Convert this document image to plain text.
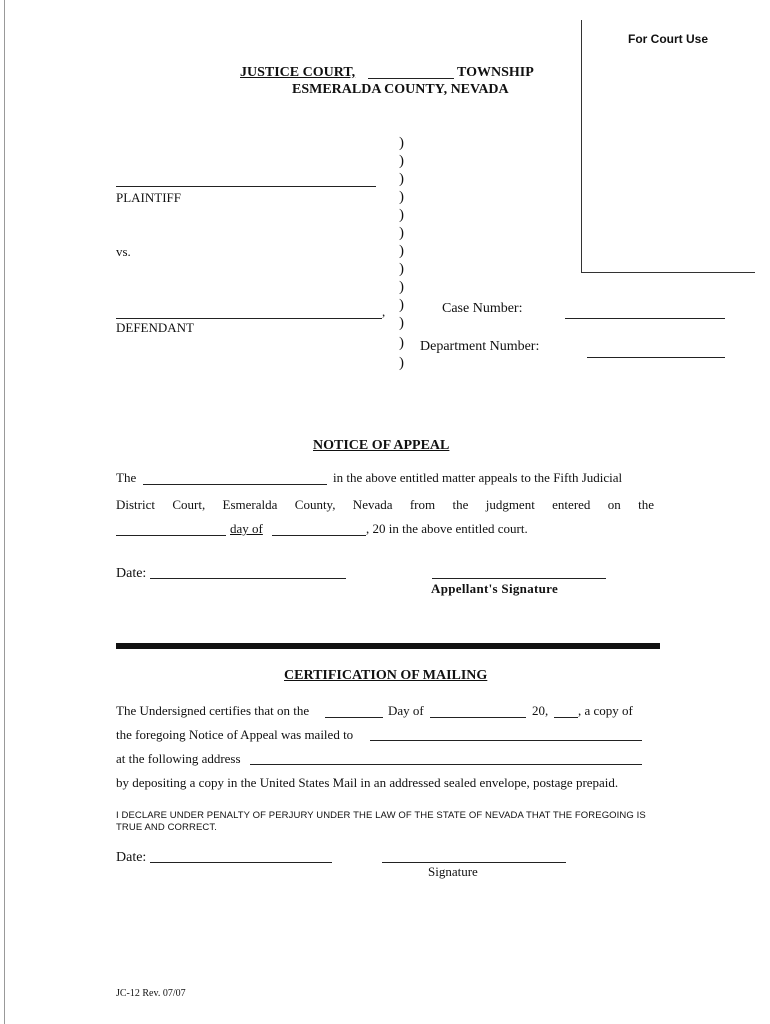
For Court Use
JUSTICE COURT,	TOWNSHIP
ESMERALDA COUNTY, NEVADA
)
)
)
)
)
)
)
)
)
)
)
)
)
PLAINTIFF
vs.
,
DEFENDANT
Case Number:
Department Number:
NOTICE OF APPEAL
The	in the above entitled matter appeals to the Fifth Judicial
District Court, Esmeralda County, Nevada from the judgment entered on the
day of	, 20 in the above entitled court.
Date:
Appellant's Signature
CERTIFICATION OF MAILING
The Undersigned certifies that on the	Day of	20, , a copy of
the foregoing Notice of Appeal was mailed to
at the following address
by depositing a copy in the United States Mail in an addressed sealed envelope, postage prepaid.
I DECLARE UNDER PENALTY OF PERJURY UNDER THE LAW OF THE STATE OF NEVADA THAT THE FOREGOING IS TRUE AND CORRECT.
Date:
Signature
JC-12 Rev. 07/07
